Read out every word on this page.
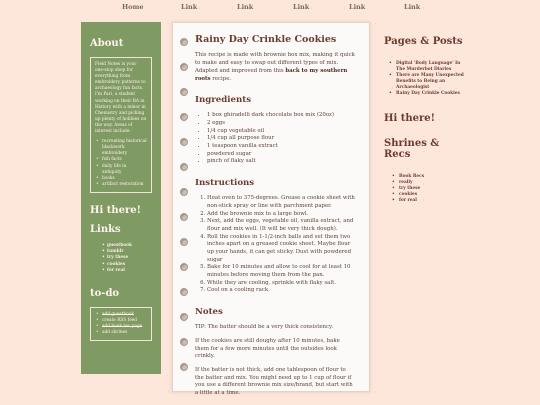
Home	Link	Link	Link	Link	Link
About
Field Notes is your one-stop shop for everything from embroidery patterns to archaeology fun facts. I'm Pari, a student working on their BA in History with a minor in Chemistry and picking up plenty of hobbies on the way. Areas of interest include:
• recreating historical blackwork embroidery
• fish facts
• daily life in antiquity
• books
• artifact restoration
Hi there!
Links
• guestbook
• tumblr
• try these
• cookies
• for real
to-do
• add guestbook
• create RSS feed
• add book rec page
• add shrines
Rainy Day Crinkle Cookies

This recipe is made with brownie box mix, making it quick to make and easy to swap out different types of mix. Adapted and improved from this back to my southern roots recipe.

Ingredients
• 1 box ghiradelli dark chocolate box mix (20oz)
• 2 eggs
• 1/4 cup vegetable oil
• 1/4 cup all purpose flour
• 1 teaspoon vanilla extract
• powdered sugar
• pinch of flaky salt
Instructions
1. Heat oven to 375-degrees. Grease a cookie sheet with non-stick spray or line with parchment paper.
2. Add the brownie mix to a large bowl.
3. Next, add the eggs, vegetable oil, vanilla extract, and flour and mix well. (It will be very thick dough).
4. Roll the cookies in 1-1/2-inch balls and set them two inches apart on a greased cookie sheet. Maybe flour up your hands, it can get sticky. Dust with powdered sugar
5. Bake for 10 minutes and allow to cool for at least 10 minutes before moving them from the pan.
6. While they are cooling, sprinkle with flaky salt.
7. Cool on a cooling rack.
Notes

TIP: The batter should be a very thick consistency.

If the cookies are still doughy after 10 minutes, bake them for a few more minutes until the outsides look crinkly.

If the batter is not thick, add one tablespoon of flour to the batter and mix. You might need up to 1 cup of flour if you use a different brownie mix size/brand, but start with a little at a time.

Pages & Posts
• Digital 'Body Language' In The Murderbot Diaries
• There are Many Unexpected Benefits to Being an Archaeologist
• Rainy Day Crinkle Cookies
Hi there!
Shrines & Recs
• Book Recs
• really
• try these
• cookies
• for real
